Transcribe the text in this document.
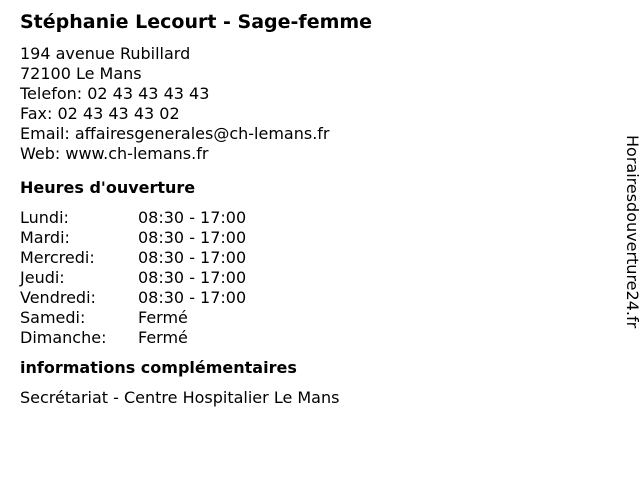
Stéphanie Lecourt - Sage-femme
194 avenue Rubillard
72100 Le Mans
Telefon: 02 43 43 43 43
Fax: 02 43 43 43 02
Email: affairesgenerales@ch-lemans.fr
Web: www.ch-lemans.fr
Heures d'ouverture
Lundi:	08:30 - 17:00
Mardi:	08:30 - 17:00
Mercredi:	08:30 - 17:00
Jeudi:	08:30 - 17:00
Vendredi:	08:30 - 17:00
Samedi:	Fermé
Dimanche:	Fermé
informations complémentaires
Secrétariat - Centre Hospitalier Le Mans
Horairesdouverture24.fr
